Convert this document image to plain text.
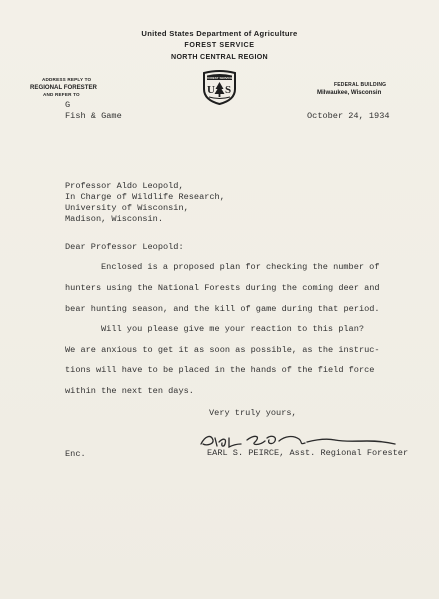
United States Department of Agriculture
FOREST SERVICE
NORTH CENTRAL REGION
ADDRESS REPLY TO
REGIONAL FORESTER
AND REFER TO
FOREST SERVICE
U S	FEDERAL BUILDING
Milwaukee, Wisconsin
G
Fish & Game	October 24, 1934
Professor Aldo Leopold,
In Charge of Wildlife Research,
University of Wisconsin,
Madison, Wisconsin.
Dear Professor Leopold:
Enclosed is a proposed plan for checking the number of
hunters using the National Forests during the coming deer and
bear hunting season, and the kill of game during that period.
Will you please give me your reaction to this plan?
We are anxious to get it as soon as possible, as the instruc-
tions will have to be placed in the hands of the field force
within the next ten days.
Very truly yours,
EARL S. PEIRCE, Asst. Regional Forester
Enc.
